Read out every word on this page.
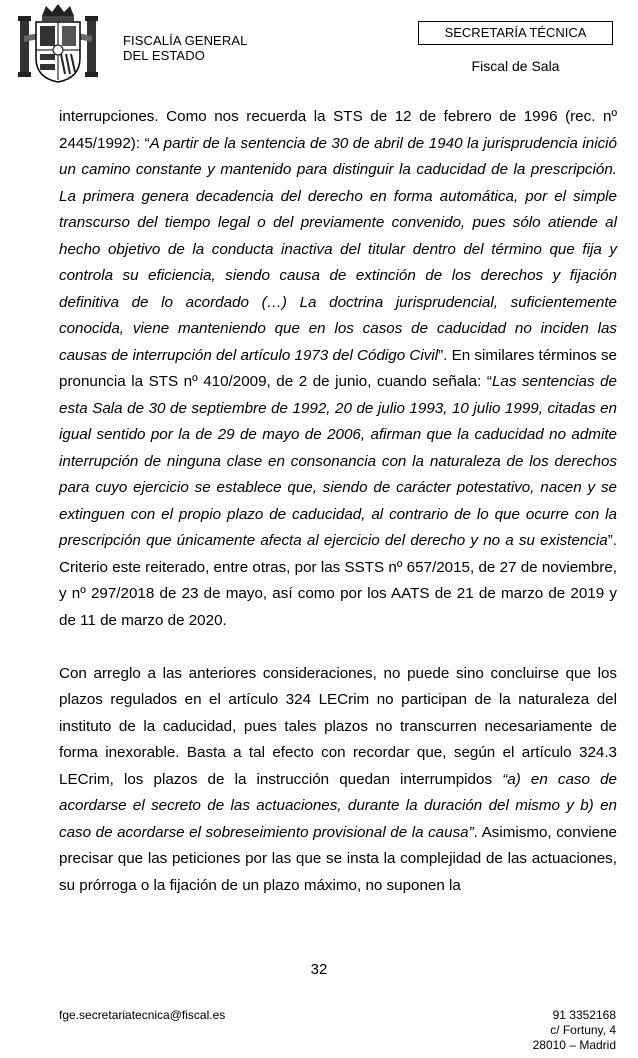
FISCALÍA GENERAL
DEL ESTADO
SECRETARÍA TÉCNICA
Fiscal de Sala

interrupciones. Como nos recuerda la STS de 12 de febrero de 1996 (rec. nº 2445/1992): “A partir de la sentencia de 30 de abril de 1940 la jurisprudencia inició un camino constante y mantenido para distinguir la caducidad de la prescripción. La primera genera decadencia del derecho en forma automática, por el simple transcurso del tiempo legal o del previamente convenido, pues sólo atiende al hecho objetivo de la conducta inactiva del titular dentro del término que fija y controla su eficiencia, siendo causa de extinción de los derechos y fijación definitiva de lo acordado (…) La doctrina jurisprudencial, suficientemente conocida, viene manteniendo que en los casos de caducidad no inciden las causas de interrupción del artículo 1973 del Código Civil”. En similares términos se pronuncia la STS nº 410/2009, de 2 de junio, cuando señala: “Las sentencias de esta Sala de 30 de septiembre de 1992, 20 de julio 1993, 10 julio 1999, citadas en igual sentido por la de 29 de mayo de 2006, afirman que la caducidad no admite interrupción de ninguna clase en consonancia con la naturaleza de los derechos para cuyo ejercicio se establece que, siendo de carácter potestativo, nacen y se extinguen con el propio plazo de caducidad, al contrario de lo que ocurre con la prescripción que únicamente afecta al ejercicio del derecho y no a su existencia”. Criterio este reiterado, entre otras, por las SSTS nº 657/2015, de 27 de noviembre, y nº 297/2018 de 23 de mayo, así como por los AATS de 21 de marzo de 2019 y de 11 de marzo de 2020.

Con arreglo a las anteriores consideraciones, no puede sino concluirse que los plazos regulados en el artículo 324 LECrim no participan de la naturaleza del instituto de la caducidad, pues tales plazos no transcurren necesariamente de forma inexorable. Basta a tal efecto con recordar que, según el artículo 324.3 LECrim, los plazos de la instrucción quedan interrumpidos “a) en caso de acordarse el secreto de las actuaciones, durante la duración del mismo y b) en caso de acordarse el sobreseimiento provisional de la causa”. Asimismo, conviene precisar que las peticiones por las que se insta la complejidad de las actuaciones, su prórroga o la fijación de un plazo máximo, no suponen la

32
fge.secretariatecnica@fiscal.es	91 3352168
c/ Fortuny, 4
28010 – Madrid
